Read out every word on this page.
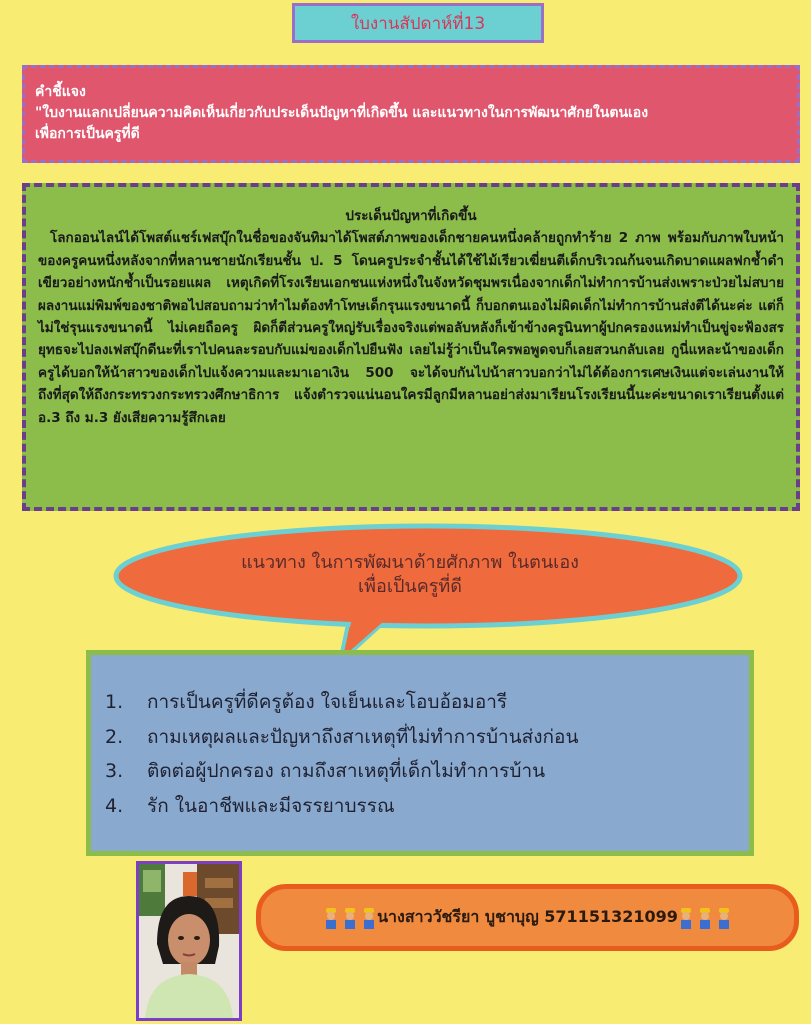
ใบงานสัปดาห์ที่13
คำชี้แจง
"ใบงานแลกเปลี่ยนความคิดเห็นเกี่ยวกับประเด็นปัญหาที่เกิดขึ้น และแนวทางในการพัฒนาศักยในตนเอง
เพื่อการเป็นครูที่ดี
ประเด็นปัญหาที่เกิดขึ้น
โลกออนไลน์ได้โพสต์แชร์เฟสบุ๊กในชื่อของจันทิมาได้โพสต์ภาพของเด็กชายคนหนึ่งคล้ายถูกทำร้าย 2 ภาพ พร้อมกับภาพใบหน้าของครูคนหนึ่งหลังจากที่หลานชายนักเรียนชั้น ป. 5 โดนครูประจำชั้นได้ใช้ไม้เรียวเฆี่ยนตีเด็กบริเวณก้นจนเกิดบาดแผลฟกช้ำดำเขียวอย่างหนักช้ำเป็นรอยแผล เหตุเกิดที่โรงเรียนเอกชนแห่งหนึ่งในจังหวัดชุมพรเนื่องจากเด็กไม่ทำการบ้านส่งเพราะป่วยไม่สบาย ผลงานแม่พิมพ์ของชาติพอไปสอบถามว่าทำไมต้องทำโทษเด็กรุนแรงขนาดนี้ ก็บอกตนเองไม่ผิดเด็กไม่ทำการบ้านส่งตีได้นะค่ะ แต่ก็ไม่ใช่รุนแรงขนาดนี้ ไม่เคยถือครู ผิดก็ตีส่วนครูใหญ่รับเรื่องจริงแต่พอลับหลังก็เข้าข้างครูนินทาผู้ปกครองแหม่ทำเป็นขู่จะฟ้องสรยุทธจะไปลงเฟสบุ๊กดีนะที่เราไปคนละรอบกับแม่ของเด็กไปยืนฟัง เลยไม่รู้ว่าเป็นใครพอพูดจบก็เลยสวนกลับเลย กูนี่แหละน้าของเด็กครูได้บอกให้น้าสาวของเด็กไปแจ้งความและมาเอาเงิน 500 จะได้จบกันไปน้าสาวบอกว่าไม่ได้ต้องการเศษเงินแต่จะเล่นงานให้ถึงที่สุดให้ถึงกระทรวงกระทรวงศึกษาธิการ แจ้งตำรวจแน่นอนใครมีลูกมีหลานอย่าส่งมาเรียนโรงเรียนนี้นะค่ะขนาดเราเรียนตั้งแต่ อ.3 ถึง ม.3 ยังเสียความรู้สึกเลย
แนวทาง ในการพัฒนาด้ายศักภาพ ในตนเอง
เพื่อเป็นครูที่ดี
1.	การเป็นครูที่ดีครูต้อง ใจเย็นและโอบอ้อมอารี
2.	ถามเหตุผลและปัญหาถึงสาเหตุที่ไม่ทำการบ้านส่งก่อน
3.	ติดต่อผู้ปกครอง ถามถึงสาเหตุที่เด็กไม่ทำการบ้าน
4.	รัก ในอาชีพและมีจรรยาบรรณ
นางสาววัชรียา บูชาบุญ 571151321099
